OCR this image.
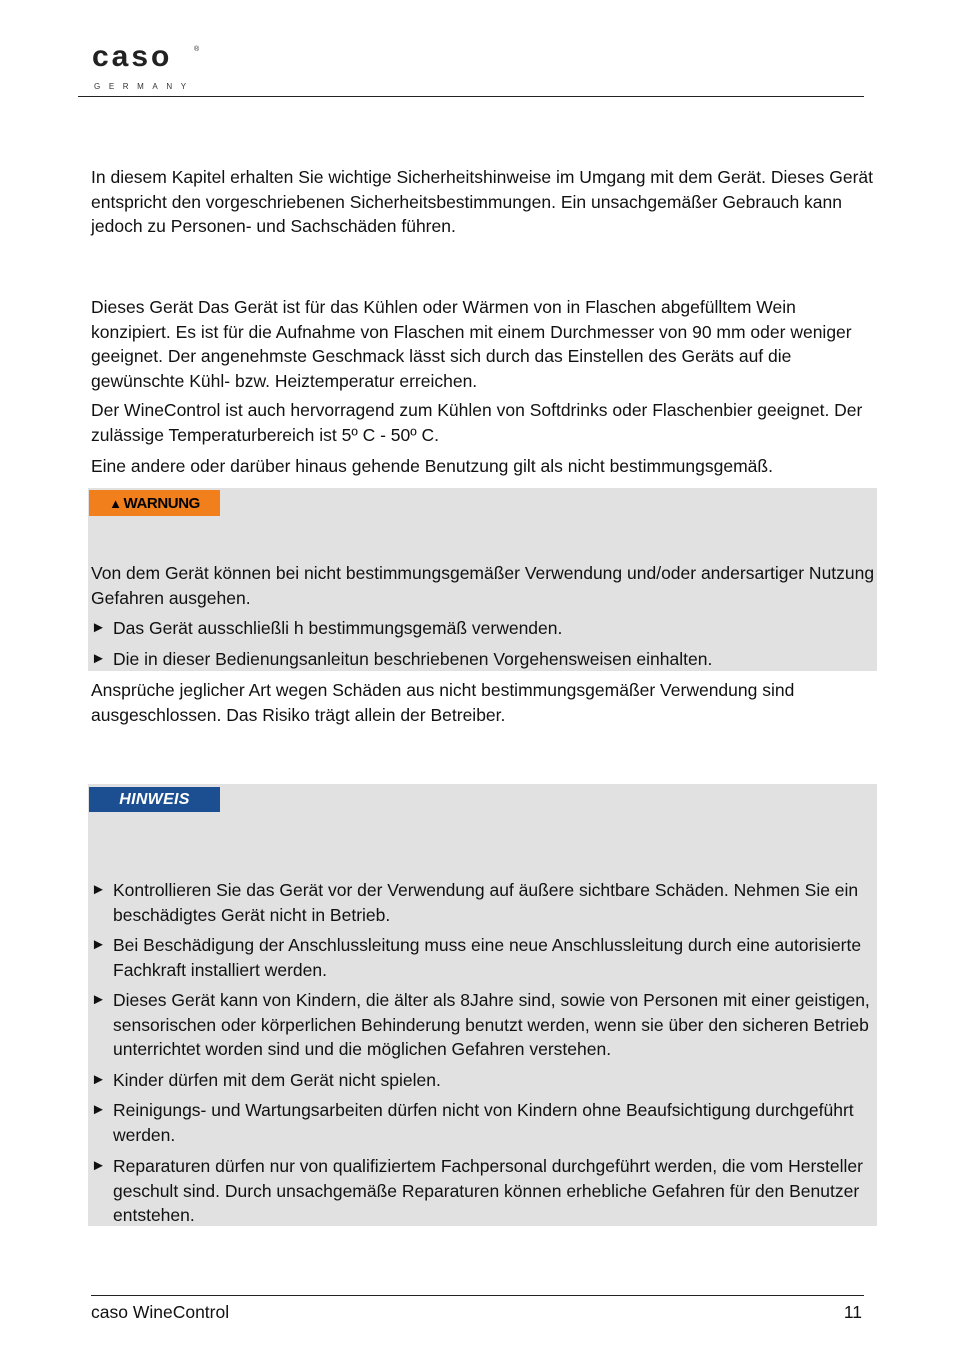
caso	®
GERMANY

In diesem Kapitel erhalten Sie wichtige Sicherheitshinweise im Umgang mit dem Gerät. Dieses Gerät entspricht den vorgeschriebenen Sicherheitsbestimmungen. Ein unsachgemäßer Gebrauch kann jedoch zu Personen- und Sachschäden führen.

Dieses Gerät Das Gerät ist für das Kühlen oder Wärmen von in Flaschen abgefülltem Wein konzipiert. Es ist für die Aufnahme von Flaschen mit einem Durchmesser von 90 mm oder weniger geeignet. Der angenehmste Geschmack lässt sich durch das Einstellen des Geräts auf die gewünschte Kühl- bzw. Heiztemperatur erreichen.

Der WineControl ist auch hervorragend zum Kühlen von Softdrinks oder Flaschenbier geeignet. Der zulässige Temperaturbereich ist 5º C - 50º C.

Eine andere oder darüber hinaus gehende Benutzung gilt als nicht bestimmungsgemäß.

▲ WARNUNG

Von dem Gerät können bei nicht bestimmungsgemäßer Verwendung und/oder andersartiger Nutzung Gefahren ausgehen.

► Das Gerät ausschließli h bestimmungsgemäß verwenden.
► Die in dieser Bedienungsanleitun beschriebenen Vorgehensweisen einhalten.

Ansprüche jeglicher Art wegen Schäden aus nicht bestimmungsgemäßer Verwendung sind ausgeschlossen. Das Risiko trägt allein der Betreiber.

HINWEIS
► Kontrollieren Sie das Gerät vor der Verwendung auf äußere sichtbare Schäden. Nehmen Sie ein beschädigtes Gerät nicht in Betrieb.
► Bei Beschädigung der Anschlussleitung muss eine neue Anschlussleitung durch eine autorisierte Fachkraft installiert werden.
► Dieses Gerät kann von Kindern, die älter als 8Jahre sind, sowie von Personen mit einer geistigen, sensorischen oder körperlichen Behinderung benutzt werden, wenn sie über den sicheren Betrieb unterrichtet worden sind und die möglichen Gefahren verstehen.
► Kinder dürfen mit dem Gerät nicht spielen.
► Reinigungs- und Wartungsarbeiten dürfen nicht von Kindern ohne Beaufsichtigung durchgeführt werden.
► Reparaturen dürfen nur von qualifiziertem Fachpersonal durchgeführt werden, die vom Hersteller geschult sind. Durch unsachgemäße Reparaturen können erhebliche Gefahren für den Benutzer entstehen.
caso WineControl	11
